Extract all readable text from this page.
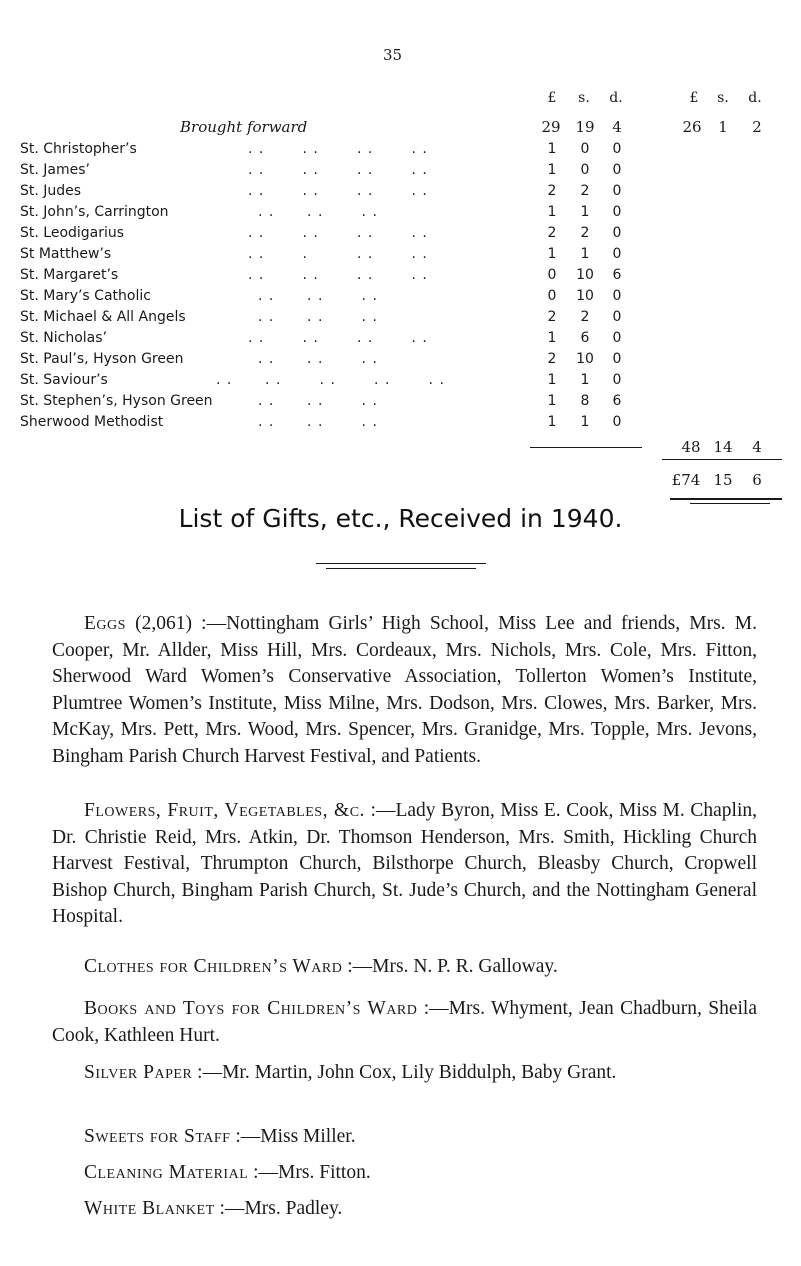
35
£	s.	d.	£	s.	d.
Brought forward	29 19	4	26	1	2
St. Christopher’s	. .       . .       . .       . .	1	0	0
St. James’	. .       . .       . .       . .	1	0	0
St. Judes	. .       . .       . .       . .	2	2	0
St. John’s, Carrington	. .      . .       . .	1	1	0
St. Leodigarius	. .       . .       . .       . .	2	2	0
St Matthew’s	. .       .         . .       . .	1	1	0
St. Margaret’s	. .       . .       . .       . .	0	10	6
St. Mary’s Catholic	. .      . .       . .	0	10	0
St. Michael & All Angels	. .      . .       . .	2	2	0
St. Nicholas’	. .       . .       . .       . .	1	6	0
St. Paul’s, Hyson Green	. .      . .       . .	2	10	0
St. Saviour’s	. .      . .       . .       . .       . .	1	1	0
St. Stephen’s, Hyson Green	. .      . .       . .	1	8	6
Sherwood Methodist	. .      . .       . .	1	1	0
48 14	4
£74 15	6
List of Gifts, etc., Received in 1940.
Eggs (2,061) :—Nottingham Girls’ High School, Miss Lee and friends, Mrs. M. Cooper, Mr. Allder, Miss Hill, Mrs. Cordeaux, Mrs. Nichols, Mrs. Cole, Mrs. Fitton, Sherwood Ward Women’s Conservative Association, Tollerton Women’s Institute, Plumtree Women’s Institute, Miss Milne, Mrs. Dodson, Mrs. Clowes, Mrs. Barker, Mrs. McKay, Mrs. Pett, Mrs. Wood, Mrs. Spencer, Mrs. Granidge, Mrs. Topple, Mrs. Jevons, Bingham Parish Church Harvest Festival, and Patients.
Flowers, Fruit, Vegetables, &c. :—Lady Byron, Miss E. Cook, Miss M. Chaplin, Dr. Christie Reid, Mrs. Atkin, Dr. Thomson Henderson, Mrs. Smith, Hickling Church Harvest Festival, Thrumpton Church, Bilsthorpe Church, Bleasby Church, Cropwell Bishop Church, Bingham Parish Church, St. Jude’s Church, and the Nottingham General Hospital.
Clothes for Children’s Ward :—Mrs. N. P. R. Galloway.
Books and Toys for Children’s Ward :—Mrs. Whyment, Jean Chadburn, Sheila Cook, Kathleen Hurt.
Silver Paper :—Mr. Martin, John Cox, Lily Biddulph, Baby Grant.
Sweets for Staff :—Miss Miller.
Cleaning Material :—Mrs. Fitton.
White Blanket :—Mrs. Padley.
